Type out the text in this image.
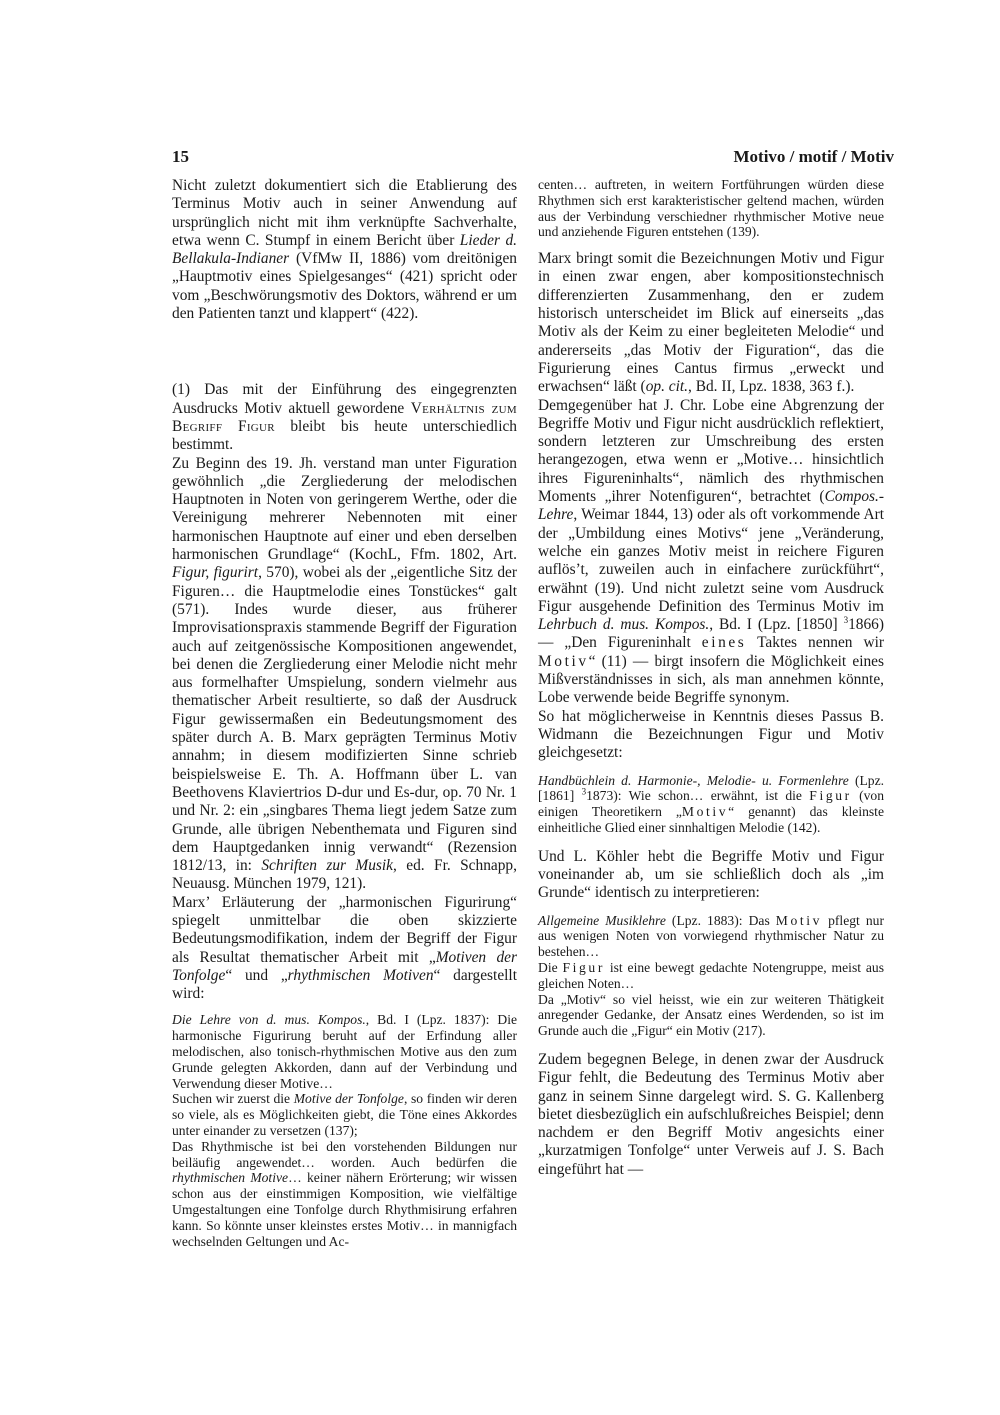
15	Motivo / motif / Motiv

Nicht zuletzt dokumentiert sich die Etablierung des Terminus Motiv auch in seiner Anwendung auf ursprünglich nicht mit ihm verknüpfte Sachverhalte, etwa wenn C. Stumpf in einem Bericht über Lieder d. Bellakula-Indianer (VfMw II, 1886) vom dreitönigen „Hauptmotiv eines Spielgesanges“ (421) spricht oder vom „Beschwörungsmotiv des Doktors, während er um den Patienten tanzt und klappert“ (422).

(1) Das mit der Einführung des eingegrenzten Ausdrucks Motiv aktuell gewordene Verhältnis zum Begriff Figur bleibt bis heute unterschiedlich bestimmt.

Zu Beginn des 19. Jh. verstand man unter Figuration gewöhnlich „die Zergliederung der melodischen Hauptnoten in Noten von geringerem Werthe, oder die Vereinigung mehrerer Nebennoten mit einer harmonischen Hauptnote auf einer und eben derselben harmonischen Grundlage“ (KochL, Ffm. 1802, Art. Figur, figurirt, 570), wobei als der „eigentliche Sitz der Figuren… die Hauptmelodie eines Tonstückes“ galt (571). Indes wurde dieser, aus früherer Improvisationspraxis stammende Begriff der Figuration auch auf zeitgenössische Kompositionen angewendet, bei denen die Zergliederung einer Melodie nicht mehr aus formelhafter Umspielung, sondern vielmehr aus thematischer Arbeit resultierte, so daß der Ausdruck Figur gewissermaßen ein Bedeutungsmoment des später durch A. B. Marx geprägten Terminus Motiv annahm; in diesem modifizierten Sinne schrieb beispielsweise E. Th. A. Hoffmann über L. van Beethovens Klaviertrios D-dur und Es-dur, op. 70 Nr. 1 und Nr. 2: ein „singbares Thema liegt jedem Satze zum Grunde, alle übrigen Nebenthemata und Figuren sind dem Hauptgedanken innig verwandt“ (Rezension 1812/13, in: Schriften zur Musik, ed. Fr. Schnapp, Neuausg. München 1979, 121).

Marx’ Erläuterung der „harmonischen Figurirung“ spiegelt unmittelbar die oben skizzierte Bedeutungsmodifikation, indem der Begriff der Figur als Resultat thematischer Arbeit mit „Motiven der Tonfolge“ und „rhythmischen Motiven“ dargestellt wird:

Die Lehre von d. mus. Kompos., Bd. I (Lpz. 1837): Die harmonische Figurirung beruht auf der Erfindung aller melodischen, also tonisch-rhythmischen Motive aus den zum Grunde gelegten Akkorden, dann auf der Verbindung und Verwendung dieser Motive…

Suchen wir zuerst die Motive der Tonfolge, so finden wir deren so viele, als es Möglichkeiten giebt, die Töne eines Akkordes unter einander zu versetzen (137);

Das Rhythmische ist bei den vorstehenden Bildungen nur beiläufig angewendet… worden. Auch bedürfen die rhythmischen Motive… keiner nähern Erörterung; wir wissen schon aus der einstimmigen Komposition, wie vielfältige Umgestaltungen eine Tonfolge durch Rhythmisirung erfahren kann. So könnte unser kleinstes erstes Motiv… in mannigfach wechselnden Geltungen und Ac-

centen… auftreten, in weitern Fortführungen würden diese Rhythmen sich erst karakteristischer geltend machen, würden aus der Verbindung verschiedner rhythmischer Motive neue und anziehende Figuren entstehen (139).

Marx bringt somit die Bezeichnungen Motiv und Figur in einen zwar engen, aber kompositionstechnisch differenzierten Zusammenhang, den er zudem historisch unterscheidet im Blick auf einerseits „das Motiv als der Keim zu einer begleiteten Melodie“ und andererseits „das Motiv der Figuration“, das die Figurierung eines Cantus firmus „erweckt und erwachsen“ läßt (op. cit., Bd. II, Lpz. 1838, 363 f.).

Demgegenüber hat J. Chr. Lobe eine Abgrenzung der Begriffe Motiv und Figur nicht ausdrücklich reflektiert, sondern letzteren zur Umschreibung des ersten herangezogen, etwa wenn er „Motive… hinsichtlich ihres Figureninhalts“, nämlich des rhythmischen Moments „ihrer Notenfiguren“, betrachtet (Compos.-Lehre, Weimar 1844, 13) oder als oft vorkommende Art der „Umbildung eines Motivs“ jene „Veränderung, welche ein ganzes Motiv meist in reichere Figuren auflös’t, zuweilen auch in einfachere zurückführt“, erwähnt (19). Und nicht zuletzt seine vom Ausdruck Figur ausgehende Definition des Terminus Motiv im Lehrbuch d. mus. Kompos., Bd. I (Lpz. [1850] $^3$1866) — „Den Figureninhalt eines Taktes nennen wir Motiv“ (11) — birgt insofern die Möglichkeit eines Mißverständnisses in sich, als man annehmen könnte, Lobe verwende beide Begriffe synonym.

So hat möglicherweise in Kenntnis dieses Passus B. Widmann die Bezeichnungen Figur und Motiv gleichgesetzt:

Handbüchlein d. Harmonie-, Melodie- u. Formenlehre (Lpz. [1861] $^3$1873): Wie schon… erwähnt, ist die Figur (von einigen Theoretikern „Motiv“ genannt) das kleinste einheitliche Glied einer sinnhaltigen Melodie (142).

Und L. Köhler hebt die Begriffe Motiv und Figur voneinander ab, um sie schließlich doch als „im Grunde“ identisch zu interpretieren:

Allgemeine Musiklehre (Lpz. 1883): Das Motiv pflegt nur aus wenigen Noten von vorwiegend rhythmischer Natur zu bestehen…

Die Figur ist eine bewegt gedachte Notengruppe, meist aus gleichen Noten…

Da „Motiv“ so viel heisst, wie ein zur weiteren Thätigkeit anregender Gedanke, der Ansatz eines Werdenden, so ist im Grunde auch die „Figur“ ein Motiv (217).

Zudem begegnen Belege, in denen zwar der Ausdruck Figur fehlt, die Bedeutung des Terminus Motiv aber ganz in seinem Sinne dargelegt wird. S. G. Kallenberg bietet diesbezüglich ein aufschlußreiches Beispiel; denn nachdem er den Begriff Motiv angesichts einer „kurzatmigen Tonfolge“ unter Verweis auf J. S. Bach eingeführt hat —
